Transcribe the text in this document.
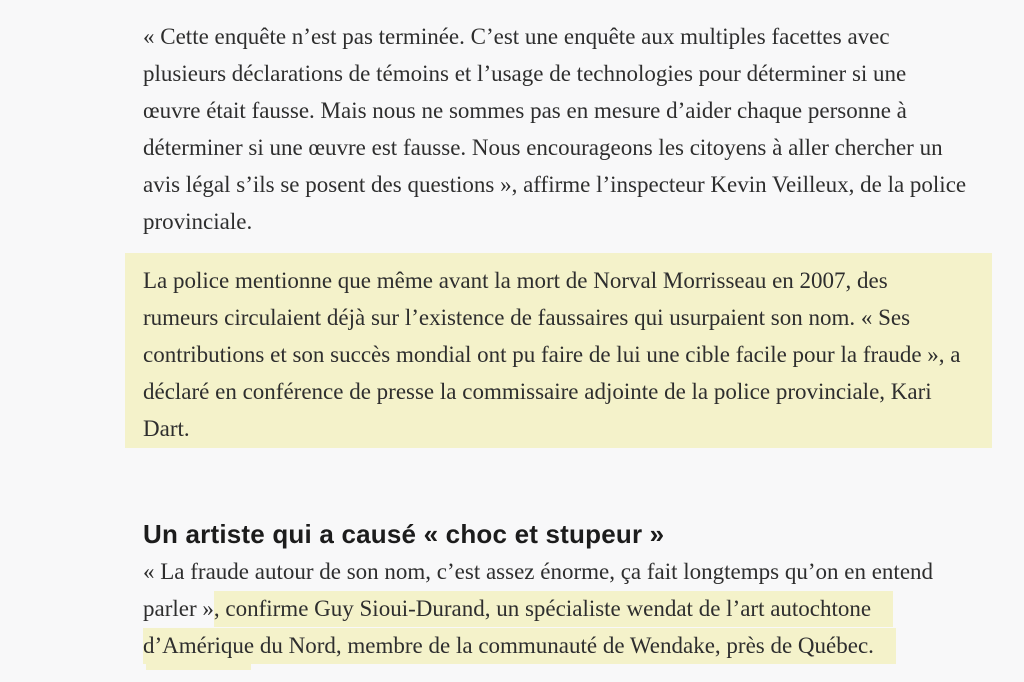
« Cette enquête n’est pas terminée. C’est une enquête aux multiples facettes avec
plusieurs déclarations de témoins et l’usage de technologies pour déterminer si une
œuvre était fausse. Mais nous ne sommes pas en mesure d’aider chaque personne à
déterminer si une œuvre est fausse. Nous encourageons les citoyens à aller chercher un
avis légal s’ils se posent des questions », affirme l’inspecteur Kevin Veilleux, de la police
provinciale.
La police mentionne que même avant la mort de Norval Morrisseau en 2007, des
rumeurs circulaient déjà sur l’existence de faussaires qui usurpaient son nom. « Ses
contributions et son succès mondial ont pu faire de lui une cible facile pour la fraude », a
déclaré en conférence de presse la commissaire adjointe de la police provinciale, Kari
Dart.
Un artiste qui a causé « choc et stupeur »
« La fraude autour de son nom, c’est assez énorme, ça fait longtemps qu’on en entend
parler », confirme Guy Sioui-Durand, un spécialiste wendat de l’art autochtone
d’Amérique du Nord, membre de la communauté de Wendake, près de Québec.
